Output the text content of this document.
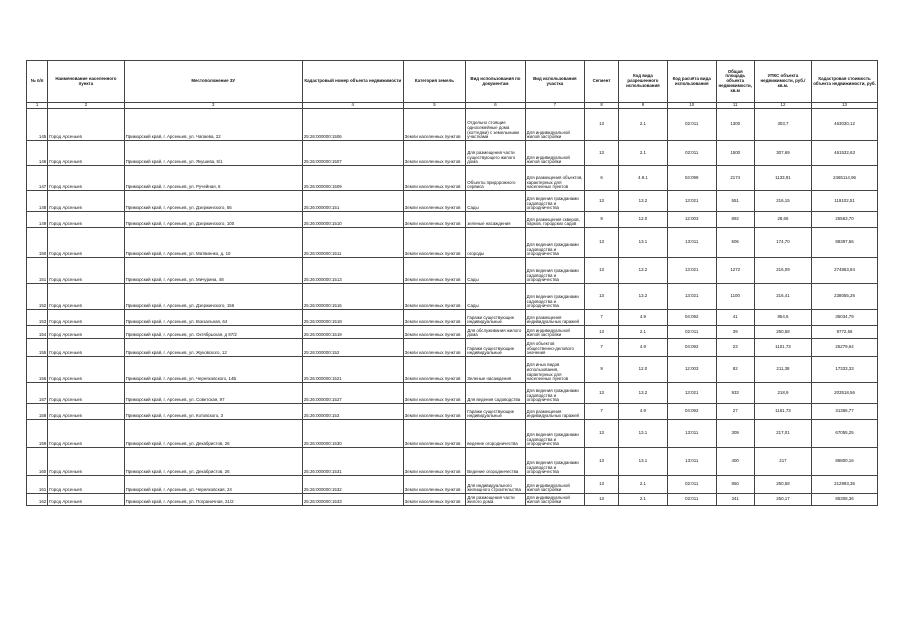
№ п/п	Наименование населенного пункта	Местоположение ЗУ	Кадастровый номер объекта недвижимости	Категория земель	Вид использования по документам	Вид использования участка	Сегмент	Код вида разрешенного использования	Код расчёта вида использования	Общая площадь объекта недвижимости, кв.м	УПКС объекта недвижимости, руб./кв.м.	Кадастровая стоимость объекта недвижимости, руб.
1	2	3	4	5	6	7	8	9	10	11	12	13
145	Город Арсеньев	Приморский край, г. Арсеньев, ул. Чапаева, 22	25:26:000000:1506	Земли населенных пунктов	Отдельно стоящие односемейные дома (коттеджи) с земельными участками	Для индивидуальной жилой застройки	13	2.1	02:011	1300	303,7	463030,12
146	Город Арсеньев	Приморский край, г. Арсеньев, ул. Якушева, 5/1	25:26:000000:1507	Земли населенных пунктов	Для размещения части существующего жилого дома	Для индивидуальной жилой застройки	13	2.1	02:011	1500	307,69	461532,63
147	Город Арсеньев	Приморский край, г. Арсеньев, ул. Ручейная, 6	25:26:000000:1509	Земли населенных пунктов	Объекты придорожного сервиса	Для размещения объектов, характерных для населенных пунктов	6	4.9.1	04:099	2174	1133,91	2465114,96
148	Город Арсеньев	Приморский край, г. Арсеньев, ул. Дзержинского, 56	25:26:000000:151	Земли населенных пунктов	Сады	Для ведения гражданами садоводства и огородничества	13	13.2	13:021	551	216,15	119102,51
149	Город Арсеньев	Приморский край, г. Арсеньев, ул. Дзержинского, 100	25:26:000000:1510	Земли населенных пунктов	зеленые насаждения	Для размещения скверов, парков, городских садов	9	12.0	12:003	892	28,66	25563,70
150	Город Арсеньев	Приморский край, г. Арсеньев, ул. Матвиенко, д. 10	25:26:000000:1511	Земли населенных пунктов	огороды	Для ведения гражданами садоводства и огородничества	13	13.1	13:011	506	174,70	88397,56
151	Город Арсеньев	Приморский край, г. Арсеньев, ул. Мичурина, 48	25:26:000000:1513	Земли населенных пунктов	Сады	Для ведения гражданами садоводства и огородничества	13	13.2	13:021	1272	216,09	274863,84
152	Город Арсеньев	Приморский край, г. Арсеньев, ул. Дзержинского, 156	25:26:000000:1516	Земли населенных пунктов	Сады	Для ведения гражданами садоводства и огородничества	13	13.2	13:021	1100	216,41	238055,26
153	Город Арсеньев	Приморский край, г. Арсеньев, ул. Вокзальная, 64	25:26:000000:1518	Земли населенных пунктов	Гаражи существующие индивидуальные	Для размещения индивидуальных гаражей	7	4.9	04:092	41	854,5	35034,79
154	Город Арсеньев	Приморский край, г. Арсеньев, ул. Октябрьская, д 97/2	25:26:000000:1519	Земли населенных пунктов	Для обслуживания жилого дома	Для индивидуальной жилой застройки	13	2.1	02:011	39	250,58	9772,56
155	Город Арсеньев	Приморский край, г. Арсеньев, ул. Жуковского, 12	25:26:000000:152	Земли населенных пунктов	Гаражи существующие индивидуальные	Для объектов общественно-делового значения	7	4.9	04:092	23	1101,73	25279,64
156	Город Арсеньев	Приморский край, г. Арсеньев, ул. Черняховского, 14Б	25:26:000000:1521	Земли населенных пунктов	Зеленые насаждения	Для иных видов использования, характерных для населенных пунктов	9	12.0	12:003	82	211,38	17333,33
157	Город Арсеньев	Приморский край, г. Арсеньев, ул. Советская, 97	25:26:000000:1527	Земли населенных пунктов	Для ведения садоводства	Для ведения гражданами садоводства и огородничества	13	13.2	13:021	933	218,9	203518,56
158	Город Арсеньев	Приморский край, г. Арсеньев, ул. Котовского, 3	25:26:000000:153	Земли населенных пунктов	Гаражи существующие индивидуальные	Для размещения индивидуальных гаражей	7	4.9	04:092	27	1161,73	31366,77
159	Город Арсеньев	Приморский край, г. Арсеньев, ул. Декабристов, 26	25:26:000000:1530	Земли населенных пунктов	ведение огородничества	Для ведения гражданами садоводства и огородничества	13	13.1	13:011	309	217,01	67055,25
160	Город Арсеньев	Приморский край, г. Арсеньев, ул. Декабристов, 26	25:26:000000:1531	Земли населенных пунктов	Ведение огородничества	Для ведения гражданами садоводства и огородничества	13	13.1	13:011	400	217	86800,16
161	Город Арсеньев	Приморский край, г. Арсеньев, ул. Черняховская, 24	25:26:000000:1532	Земли населенных пунктов	Для индивидуального жилищного строительства	Для индивидуальной жилой застройки	13	2.1	02:011	850	250,58	212993,36
162	Город Арсеньев	Приморский край, г. Арсеньев, ул. Пограничная, 21/2	25:26:000000:1533	Земли населенных пунктов	Для размещения части жилого дома	Для индивидуальной жилой застройки	13	2.1	02:011	341	250,17	85308,36
